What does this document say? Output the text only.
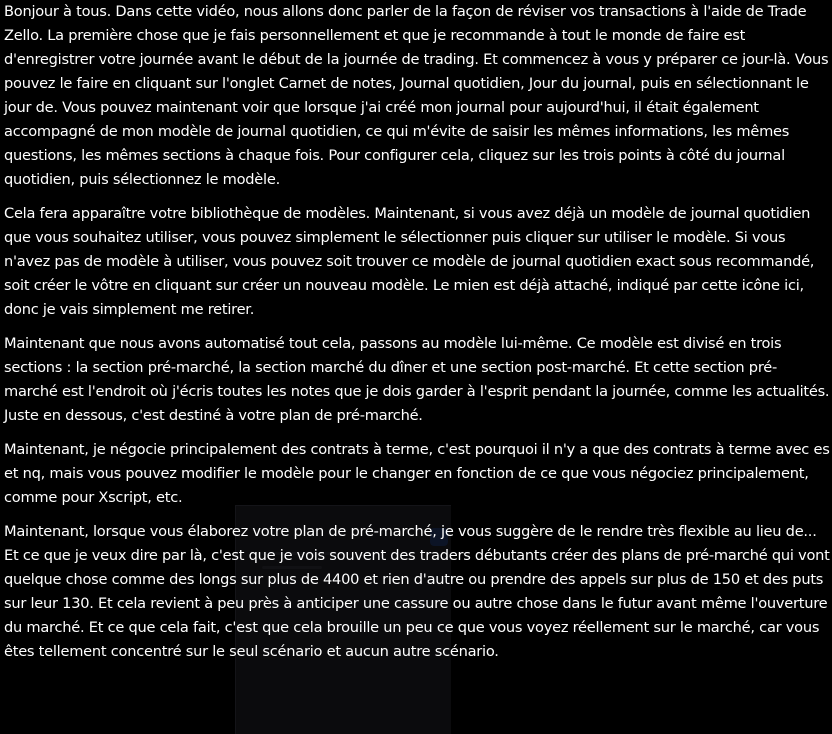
Bonjour à tous. Dans cette vidéo, nous allons donc parler de la façon de réviser vos transactions à l'aide de Trade Zello. La première chose que je fais personnellement et que je recommande à tout le monde de faire est d'enregistrer votre journée avant le début de la journée de trading. Et commencez à vous y préparer ce jour-là. Vous pouvez le faire en cliquant sur l'onglet Carnet de notes, Journal quotidien, Jour du journal, puis en sélectionnant le jour de. Vous pouvez maintenant voir que lorsque j'ai créé mon journal pour aujourd'hui, il était également accompagné de mon modèle de journal quotidien, ce qui m'évite de saisir les mêmes informations, les mêmes questions, les mêmes sections à chaque fois. Pour configurer cela, cliquez sur les trois points à côté du journal quotidien, puis sélectionnez le modèle.

Cela fera apparaître votre bibliothèque de modèles. Maintenant, si vous avez déjà un modèle de journal quotidien que vous souhaitez utiliser, vous pouvez simplement le sélectionner puis cliquer sur utiliser le modèle. Si vous n'avez pas de modèle à utiliser, vous pouvez soit trouver ce modèle de journal quotidien exact sous recommandé, soit créer le vôtre en cliquant sur créer un nouveau modèle. Le mien est déjà attaché, indiqué par cette icône ici, donc je vais simplement me retirer.

Maintenant que nous avons automatisé tout cela, passons au modèle lui-même. Ce modèle est divisé en trois sections : la section pré-marché, la section marché du dîner et une section post-marché. Et cette section pré-marché est l'endroit où j'écris toutes les notes que je dois garder à l'esprit pendant la journée, comme les actualités. Juste en dessous, c'est destiné à votre plan de pré-marché.

Maintenant, je négocie principalement des contrats à terme, c'est pourquoi il n'y a que des contrats à terme avec es et nq, mais vous pouvez modifier le modèle pour le changer en fonction de ce que vous négociez principalement, comme pour Xscript, etc.

Maintenant, lorsque vous élaborez votre plan de pré-marché, je vous suggère de le rendre très flexible au lieu de... Et ce que je veux dire par là, c'est que je vois souvent des traders débutants créer des plans de pré-marché qui vont quelque chose comme des longs sur plus de 4400 et rien d'autre ou prendre des appels sur plus de 150 et des puts sur leur 130. Et cela revient à peu près à anticiper une cassure ou autre chose dans le futur avant même l'ouverture du marché. Et ce que cela fait, c'est que cela brouille un peu ce que vous voyez réellement sur le marché, car vous êtes tellement concentré sur le seul scénario et aucun autre scénario.
